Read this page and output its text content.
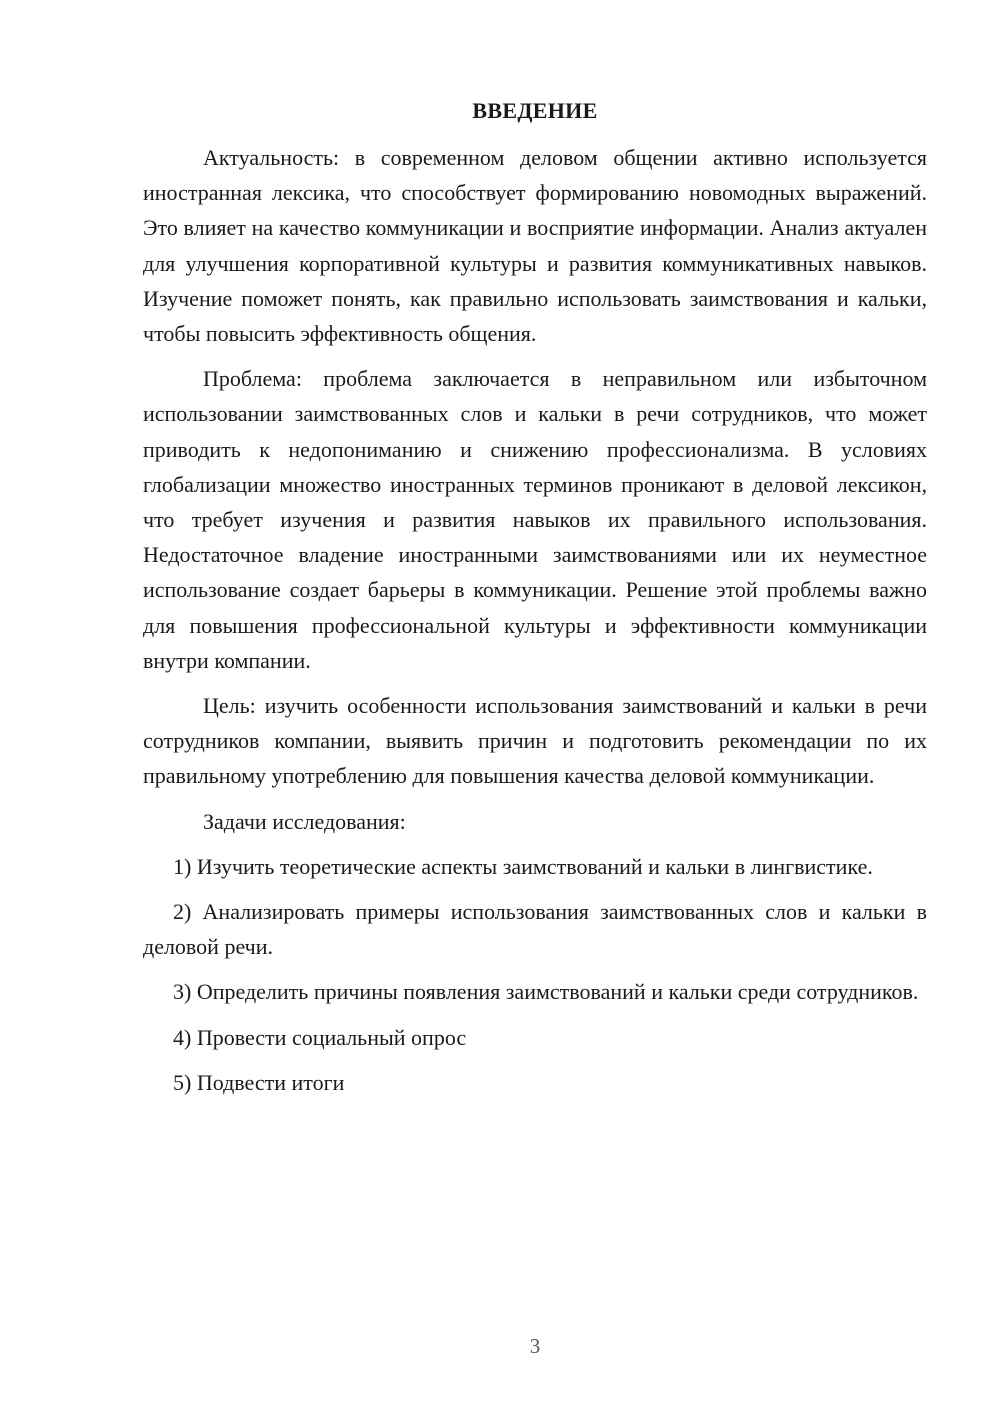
ВВЕДЕНИЕ

Актуальность: в современном деловом общении активно используется иностранная лексика, что способствует формированию новомодных выражений. Это влияет на качество коммуникации и восприятие информации. Анализ актуален для улучшения корпоративной культуры и развития коммуникативных навыков. Изучение поможет понять, как правильно использовать заимствования и кальки, чтобы повысить эффективность общения.

Проблема: проблема заключается в неправильном или избыточном использовании заимствованных слов и кальки в речи сотрудников, что может приводить к недопониманию и снижению профессионализма. В условиях глобализации множество иностранных терминов проникают в деловой лексикон, что требует изучения и развития навыков их правильного использования. Недостаточное владение иностранными заимствованиями или их неуместное использование создает барьеры в коммуникации. Решение этой проблемы важно для повышения профессиональной культуры и эффективности коммуникации внутри компании.

Цель: изучить особенности использования заимствований и кальки в речи сотрудников компании, выявить причин и подготовить рекомендации по их правильному употреблению для повышения качества деловой коммуникации.

Задачи исследования:

1) Изучить теоретические аспекты заимствований и кальки в лингвистике.

2) Анализировать примеры использования заимствованных слов и кальки в деловой речи.

3) Определить причины появления заимствований и кальки среди сотрудников.

4) Провести социальный опрос

5) Подвести итоги

3
